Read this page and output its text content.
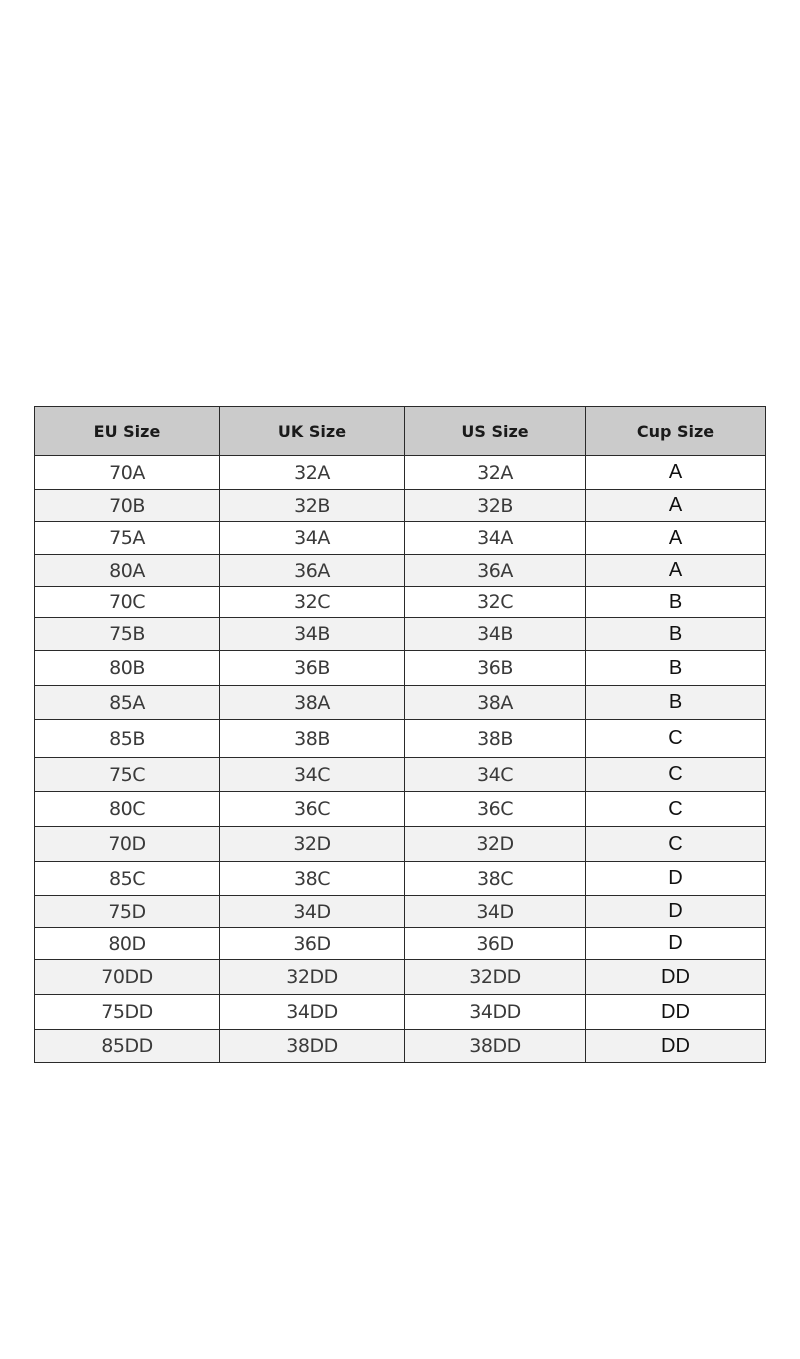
EU Size	UK Size	US Size	Cup Size
70A	32A	32A	A
70B	32B	32B	A
75A	34A	34A	A
80A	36A	36A	A
70C	32C	32C	B
75B	34B	34B	B
80B	36B	36B	B
85A	38A	38A	B
85B	38B	38B	C
75C	34C	34C	C
80C	36C	36C	C
70D	32D	32D	C
85C	38C	38C	D
75D	34D	34D	D
80D	36D	36D	D
70DD	32DD	32DD	DD
75DD	34DD	34DD	DD
85DD	38DD	38DD	DD
